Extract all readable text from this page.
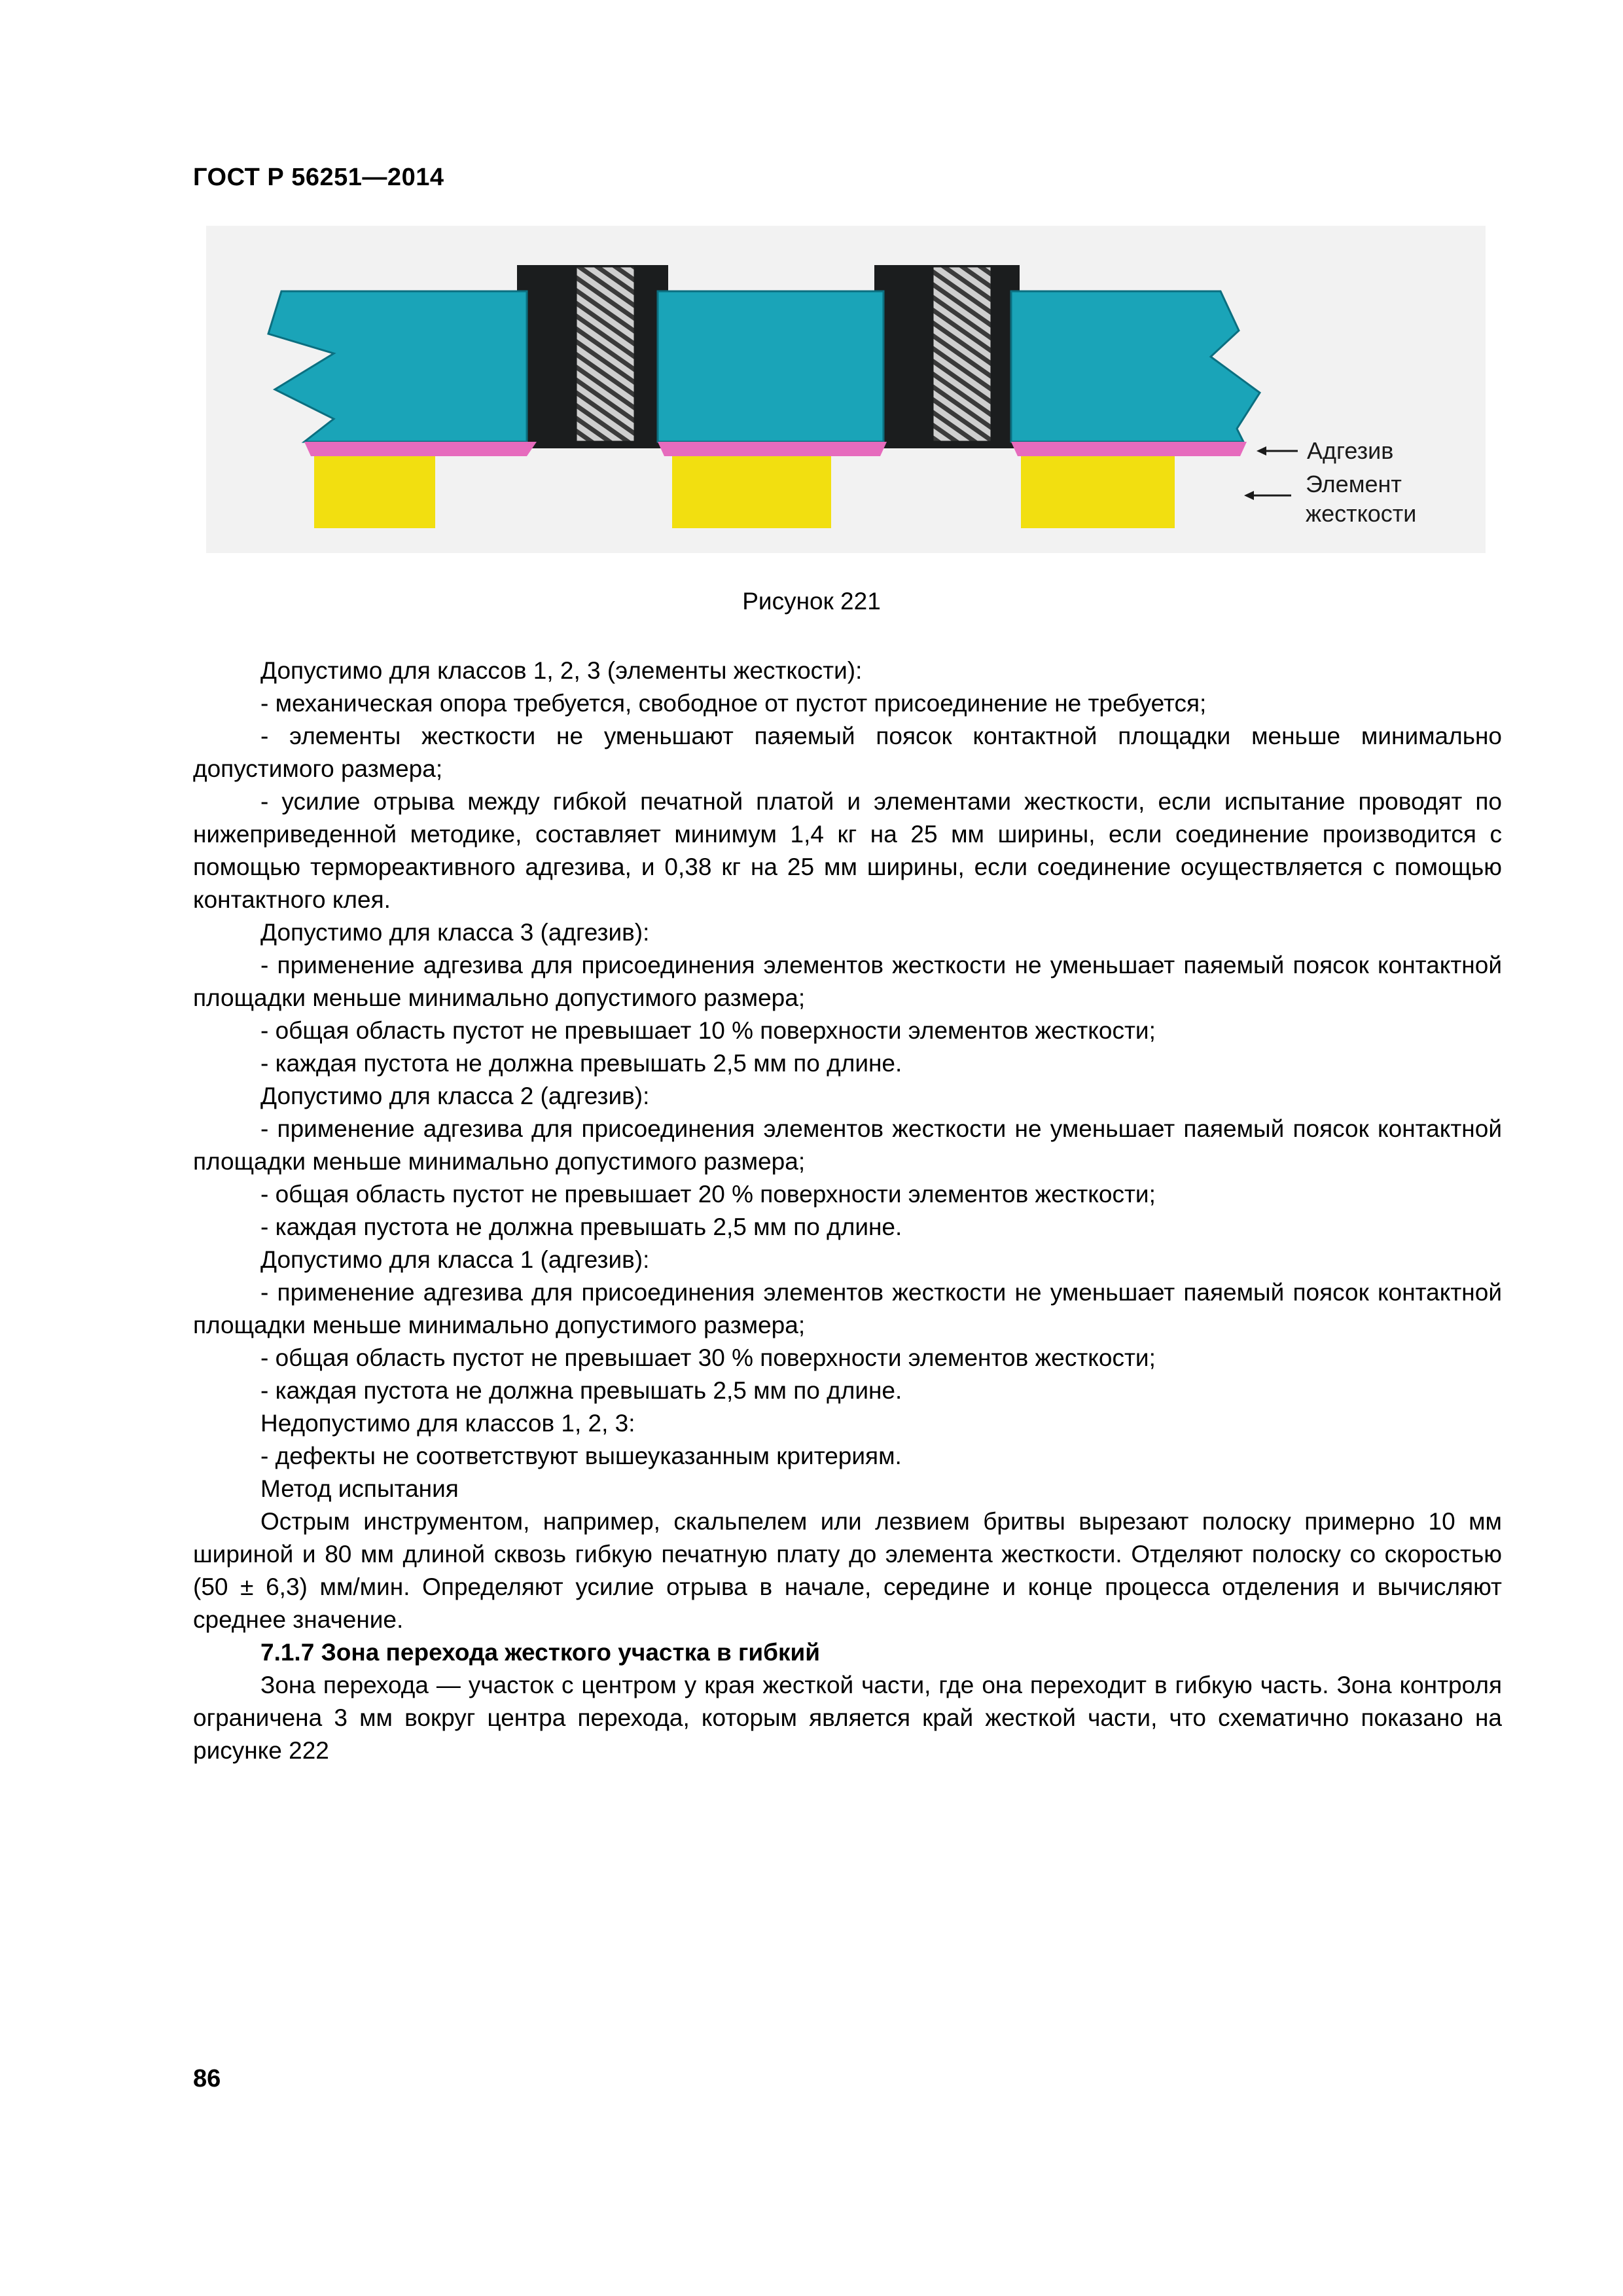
ГОСТ Р 56251—2014
Адгезив
Элемент
жесткости
Рисунок 221

Допустимо для классов 1, 2, 3 (элементы жесткости):

- механическая опора требуется, свободное от пустот присоединение не требуется;

- элементы жесткости не уменьшают паяемый поясок контактной площадки меньше минимально допустимого размера;

- усилие отрыва между гибкой печатной платой и элементами жесткости, если испытание проводят по нижеприведенной методике, составляет минимум 1,4 кг на 25 мм ширины, если соединение производится с помощью термореактивного адгезива, и 0,38 кг на 25 мм ширины, если соединение осуществляется с помощью контактного клея.

Допустимо для класса 3 (адгезив):

- применение адгезива для присоединения элементов жесткости не уменьшает паяемый поясок контактной площадки меньше минимально допустимого размера;

- общая область пустот не превышает 10 % поверхности элементов жесткости;

- каждая пустота не должна превышать 2,5 мм по длине.

Допустимо для класса 2 (адгезив):

- применение адгезива для присоединения элементов жесткости не уменьшает паяемый поясок контактной площадки меньше минимально допустимого размера;

- общая область пустот не превышает 20 % поверхности элементов жесткости;

- каждая пустота не должна превышать 2,5 мм по длине.

Допустимо для класса 1 (адгезив):

- применение адгезива для присоединения элементов жесткости не уменьшает паяемый поясок контактной площадки меньше минимально допустимого размера;

- общая область пустот не превышает 30 % поверхности элементов жесткости;

- каждая пустота не должна превышать 2,5 мм по длине.

Недопустимо для классов 1, 2, 3:

- дефекты не соответствуют вышеуказанным критериям.

Метод испытания

Острым инструментом, например, скальпелем или лезвием бритвы вырезают полоску примерно 10 мм шириной и 80 мм длиной сквозь гибкую печатную плату до элемента жесткости. Отделяют полоску со скоростью (50 ± 6,3) мм/мин. Определяют усилие отрыва в начале, середине и конце процесса отделения и вычисляют среднее значение.

7.1.7 Зона перехода жесткого участка в гибкий

Зона перехода — участок с центром у края жесткой части, где она переходит в гибкую часть. Зона контроля ограничена 3 мм вокруг центра перехода, которым является край жесткой части, что схематично показано на рисунке 222

86
